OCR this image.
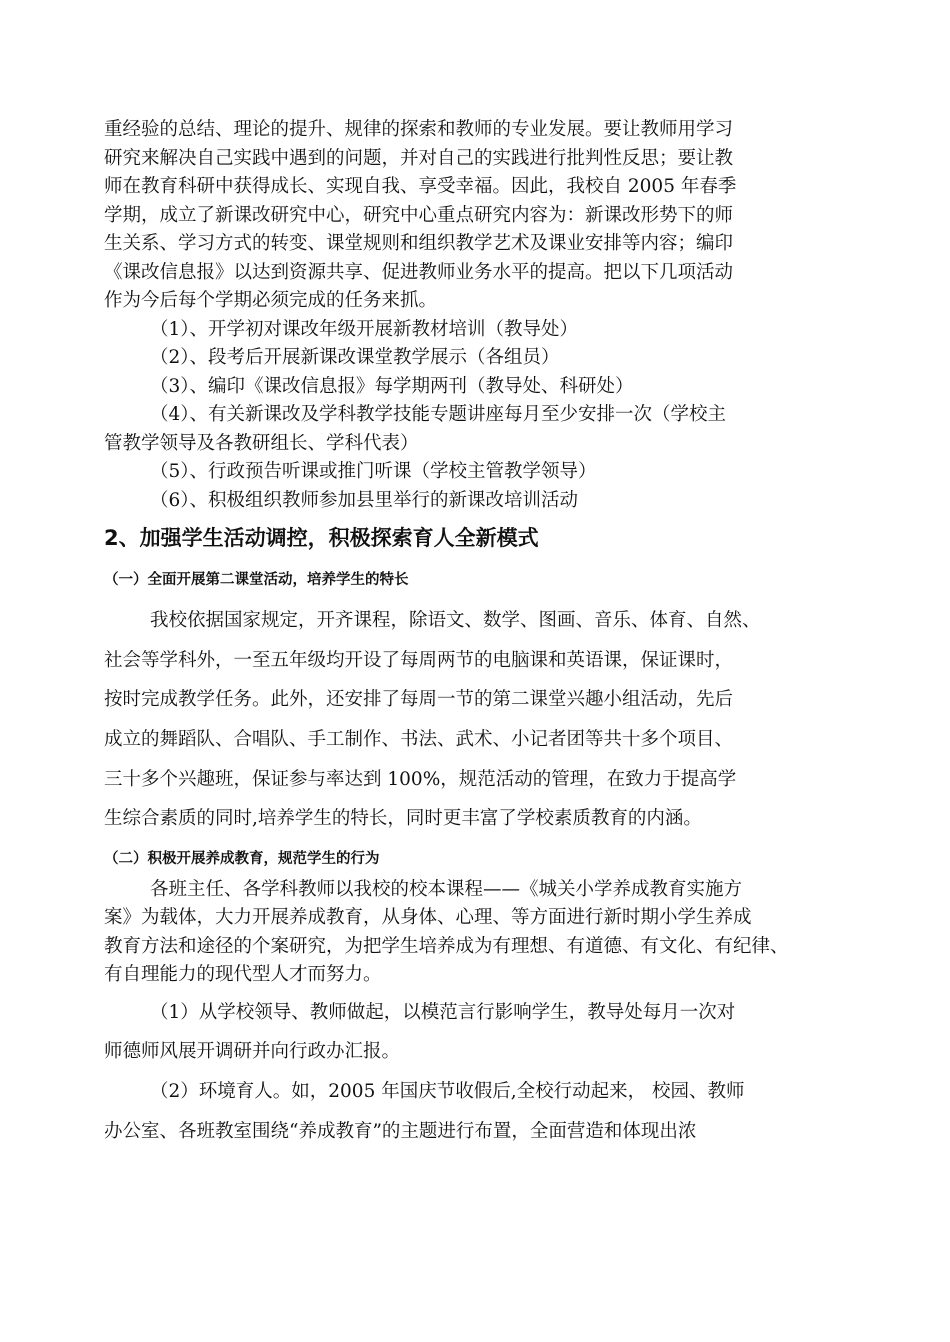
重经验的总结、理论的提升、规律的探索和教师的专业发展。要让教师用学习

研究来解决自己实践中遇到的问题，并对自己的实践进行批判性反思；要让教

师在教育科研中获得成长、实现自我、享受幸福。因此，我校自 2005 年春季

学期，成立了新课改研究中心，研究中心重点研究内容为：新课改形势下的师

生关系、学习方式的转变、课堂规则和组织教学艺术及课业安排等内容；编印

《课改信息报》以达到资源共享、促进教师业务水平的提高。把以下几项活动

作为今后每个学期必须完成的任务来抓。

（1）、开学初对课改年级开展新教材培训（教导处）

（2）、段考后开展新课改课堂教学展示（各组员）

（3）、编印《课改信息报》每学期两刊（教导处、科研处）

（4）、有关新课改及学科教学技能专题讲座每月至少安排一次（学校主

管教学领导及各教研组长、学科代表）

（5）、行政预告听课或推门听课（学校主管教学领导）

（6）、积极组织教师参加县里举行的新课改培训活动

2、加强学生活动调控，积极探索育人全新模式
（一）全面开展第二课堂活动，培养学生的特长

我校依据国家规定，开齐课程，除语文、数学、图画、音乐、体育、自然、

社会等学科外，一至五年级均开设了每周两节的电脑课和英语课，保证课时，

按时完成教学任务。此外，还安排了每周一节的第二课堂兴趣小组活动，先后

成立的舞蹈队、合唱队、手工制作、书法、武术、小记者团等共十多个项目、

三十多个兴趣班，保证参与率达到 100%，规范活动的管理，在致力于提高学

生综合素质的同时,培养学生的特长，同时更丰富了学校素质教育的内涵。

（二）积极开展养成教育，规范学生的行为

各班主任、各学科教师以我校的校本课程——《城关小学养成教育实施方

案》为载体，大力开展养成教育，从身体、心理、等方面进行新时期小学生养成

教育方法和途径的个案研究，为把学生培养成为有理想、有道德、有文化、有纪律、

有自理能力的现代型人才而努力。

（1）从学校领导、教师做起，以模范言行影响学生，教导处每月一次对

师德师风展开调研并向行政办汇报。

（2）环境育人。如，2005 年国庆节收假后,全校行动起来， 校园、教师

办公室、各班教室围绕“养成教育”的主题进行布置，全面营造和体现出浓
